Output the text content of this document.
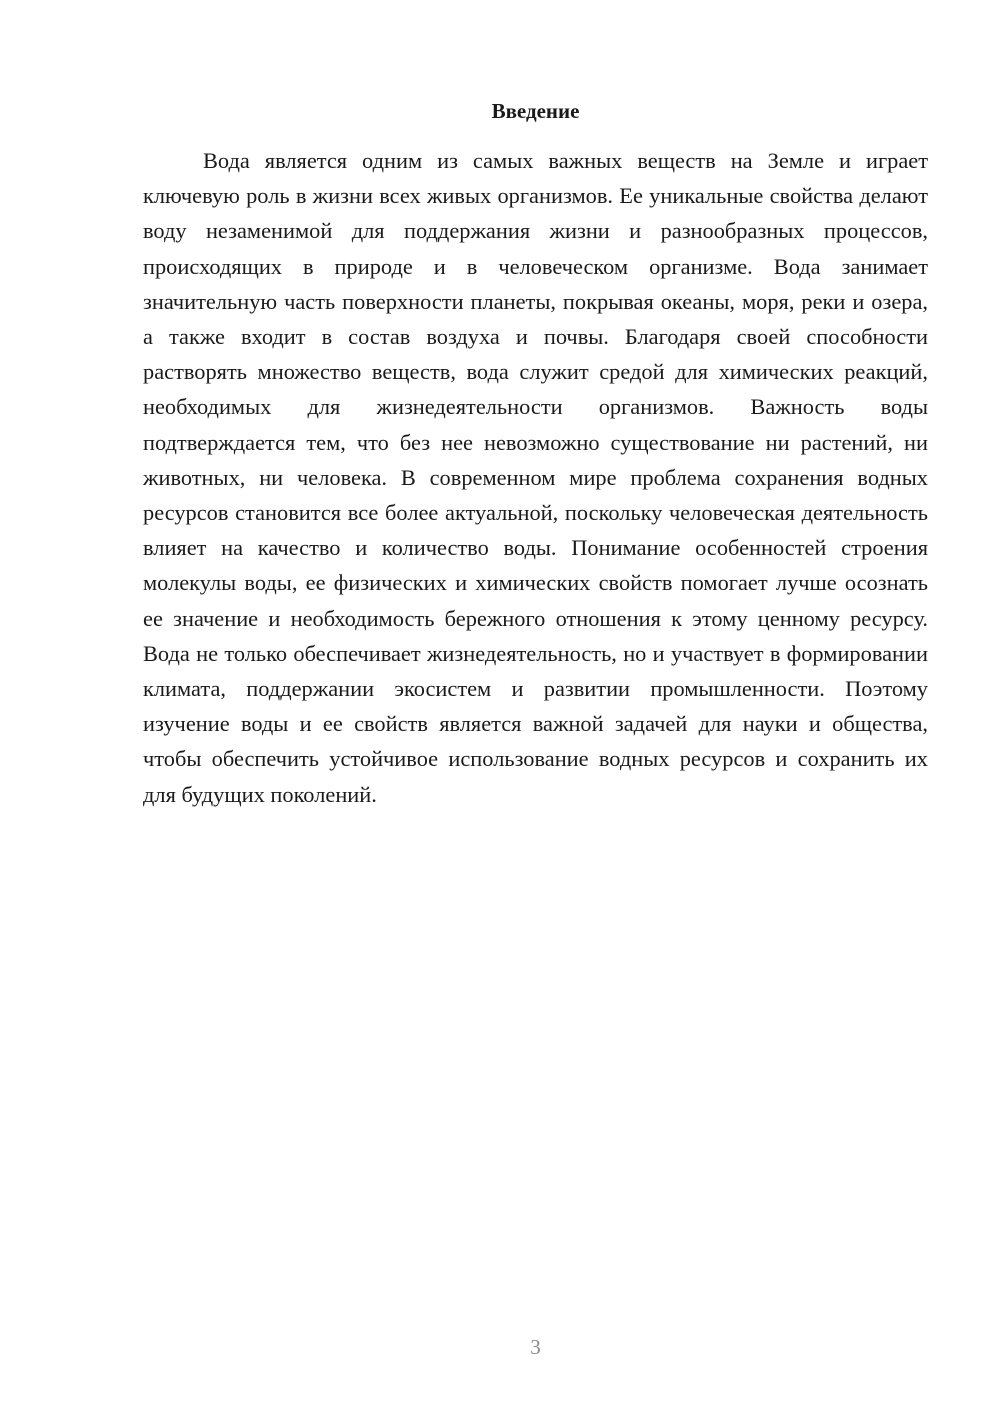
Введение

Вода является одним из самых важных веществ на Земле и играет ключевую роль в жизни всех живых организмов. Ее уникальные свойства делают воду незаменимой для поддержания жизни и разнообразных процессов, происходящих в природе и в человеческом организме. Вода занимает значительную часть поверхности планеты, покрывая океаны, моря, реки и озера, а также входит в состав воздуха и почвы. Благодаря своей способности растворять множество веществ, вода служит средой для химических реакций, необходимых для жизнедеятельности организмов. Важность воды подтверждается тем, что без нее невозможно существование ни растений, ни животных, ни человека. В современном мире проблема сохранения водных ресурсов становится все более актуальной, поскольку человеческая деятельность влияет на качество и количество воды. Понимание особенностей строения молекулы воды, ее физических и химических свойств помогает лучше осознать ее значение и необходимость бережного отношения к этому ценному ресурсу. Вода не только обеспечивает жизнедеятельность, но и участвует в формировании климата, поддержании экосистем и развитии промышленности. Поэтому изучение воды и ее свойств является важной задачей для науки и общества, чтобы обеспечить устойчивое использование водных ресурсов и сохранить их для будущих поколений.

3
